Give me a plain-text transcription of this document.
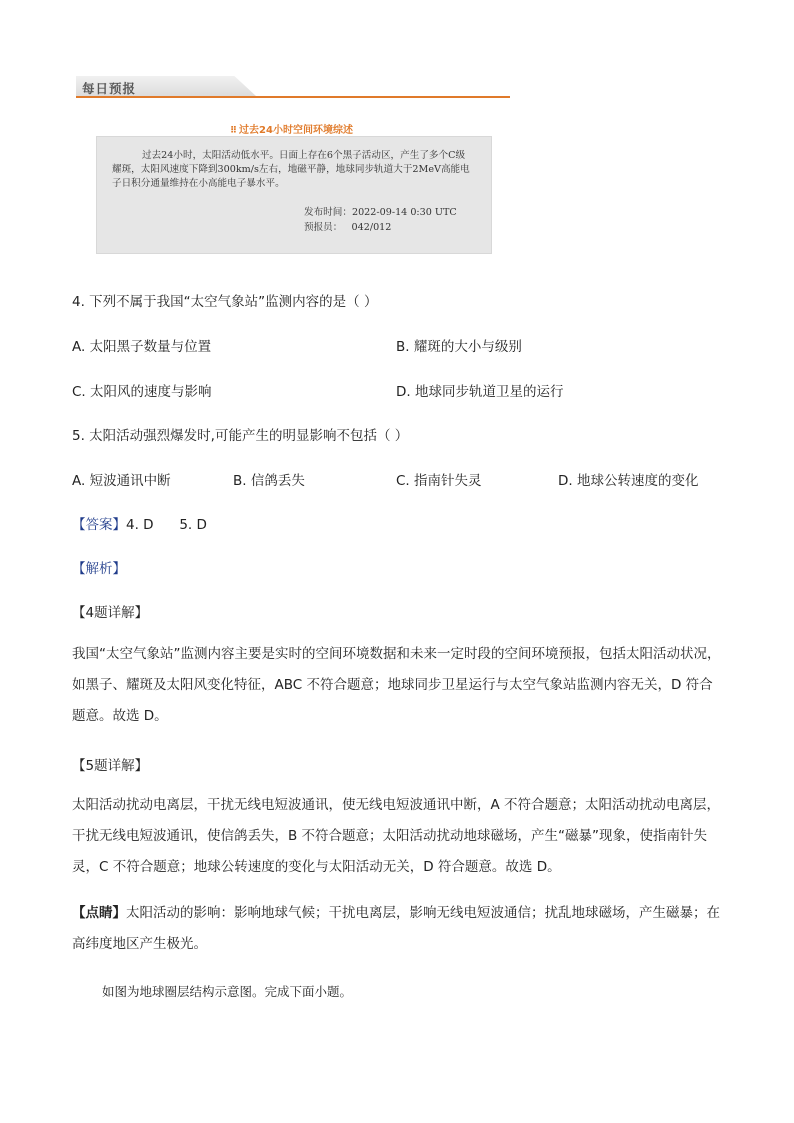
每日预报
⠿ 过去24小时空间环境综述
过去24小时，太阳活动低水平。日面上存在6个黑子活动区，产生了多个C级耀斑，太阳风速度下降到300km/s左右，地磁平静，地球同步轨道大于2MeV高能电子日积分通量维持在小高能电子暴水平。
发布时间：2022-09-14 0:30 UTC
预报员：   042/012
4. 下列不属于我国“太空气象站”监测内容的是（ ）
A. 太阳黑子数量与位置	B. 耀斑的大小与级别
C. 太阳风的速度与影响	D. 地球同步轨道卫星的运行
5. 太阳活动强烈爆发时,可能产生的明显影响不包括（ ）
A. 短波通讯中断	B. 信鸽丢失	C. 指南针失灵	D. 地球公转速度的变化
【答案】4. D      5. D
【解析】
【4题详解】
我国“太空气象站”监测内容主要是实时的空间环境数据和未来一定时段的空间环境预报，包括太阳活动状况，如黑子、耀斑及太阳风变化特征，ABC 不符合题意；地球同步卫星运行与太空气象站监测内容无关，D 符合题意。故选 D。
【5题详解】
太阳活动扰动电离层，干扰无线电短波通讯，使无线电短波通讯中断，A 不符合题意；太阳活动扰动电离层，干扰无线电短波通讯，使信鸽丢失，B 不符合题意；太阳活动扰动地球磁场，产生“磁暴”现象，使指南针失灵，C 不符合题意；地球公转速度的变化与太阳活动无关，D 符合题意。故选 D。
【点睛】太阳活动的影响：影响地球气候；干扰电离层，影响无线电短波通信；扰乱地球磁场，产生磁暴；在高纬度地区产生极光。
如图为地球圈层结构示意图。完成下面小题。
